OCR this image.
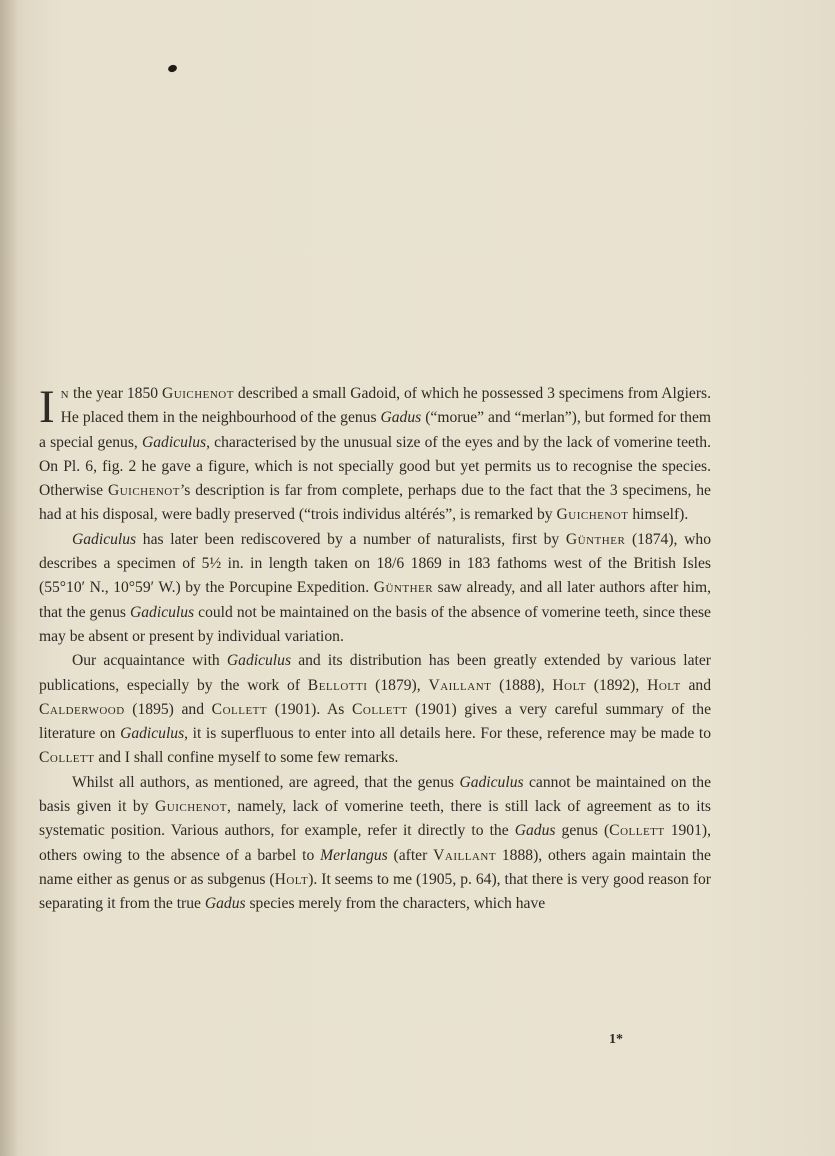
In the year 1850 Guichenot described a small Gadoid, of which he possessed 3 specimens from Algiers. He placed them in the neighbourhood of the genus Gadus (“morue” and “merlan”), but formed for them a special genus, Gadiculus, characterised by the unusual size of the eyes and by the lack of vomerine teeth. On Pl. 6, fig. 2 he gave a figure, which is not specially good but yet permits us to recognise the species. Otherwise Guichenot’s description is far from complete, perhaps due to the fact that the 3 specimens, he had at his disposal, were badly preserved (“trois individus altérés”, is remarked by Guichenot himself).

Gadiculus has later been rediscovered by a number of naturalists, first by Günther (1874), who describes a specimen of 5½ in. in length taken on 18/6 1869 in 183 fathoms west of the British Isles (55°10′ N., 10°59′ W.) by the Porcupine Expedition. Günther saw already, and all later authors after him, that the genus Gadiculus could not be maintained on the basis of the absence of vomerine teeth, since these may be absent or present by individual variation.

Our acquaintance with Gadiculus and its distribution has been greatly extended by various later publications, especially by the work of Bellotti (1879), Vaillant (1888), Holt (1892), Holt and Calderwood (1895) and Collett (1901). As Collett (1901) gives a very careful summary of the literature on Gadiculus, it is superfluous to enter into all details here. For these, reference may be made to Collett and I shall confine myself to some few remarks.

Whilst all authors, as mentioned, are agreed, that the genus Gadiculus cannot be maintained on the basis given it by Guichenot, namely, lack of vomerine teeth, there is still lack of agreement as to its systematic position. Various authors, for example, refer it directly to the Gadus genus (Collett 1901), others owing to the absence of a barbel to Merlangus (after Vaillant 1888), others again maintain the name either as genus or as subgenus (Holt). It seems to me (1905, p. 64), that there is very good reason for separating it from the true Gadus species merely from the characters, which have

1*
